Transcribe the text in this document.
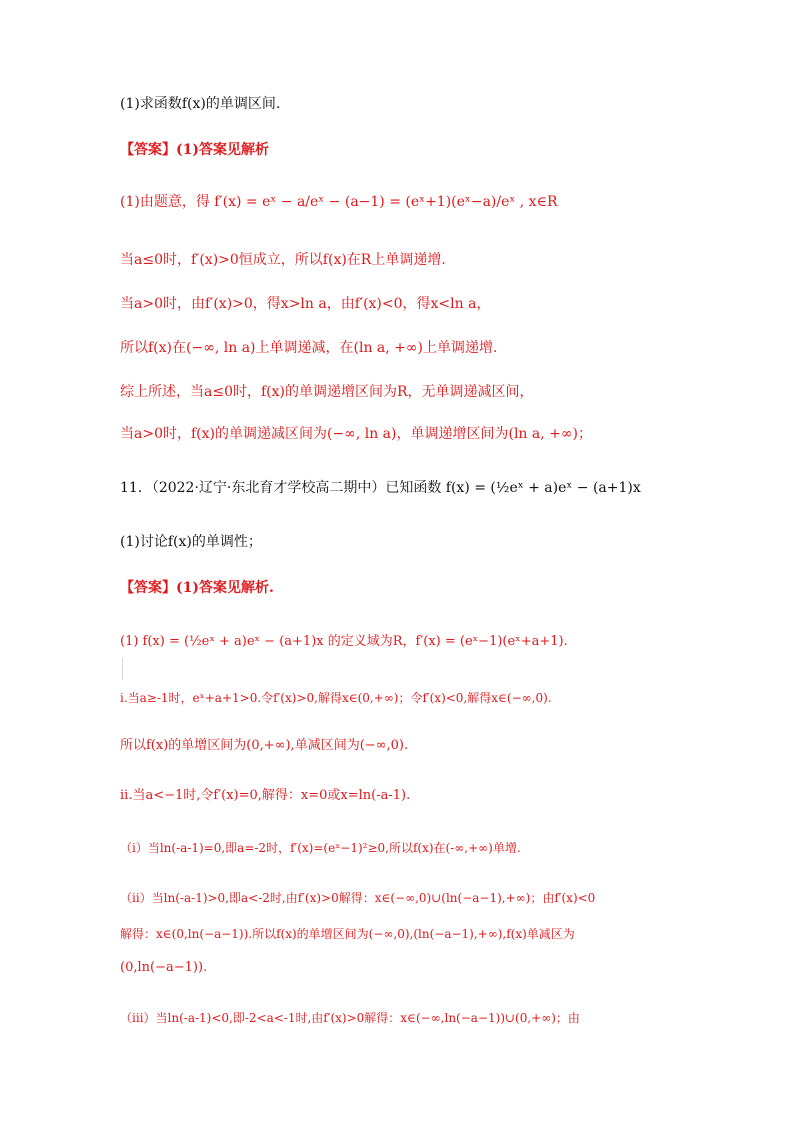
(1)求函数f(x)的单调区间.
【答案】(1)答案见解析
(1)由题意，得 f′(x) = eˣ − a/eˣ − (a−1) = (eˣ+1)(eˣ−a)/eˣ , x∈R
当a≤0时，f′(x)>0恒成立，所以f(x)在R上单调递增.
当a>0时，由f′(x)>0，得x>ln a，由f′(x)<0，得x<ln a，
所以f(x)在(−∞, ln a)上单调递减，在(ln a, +∞)上单调递增.
综上所述，当a≤0时，f(x)的单调递增区间为R，无单调递减区间，
当a>0时，f(x)的单调递减区间为(−∞, ln a)，单调递增区间为(ln a, +∞)；
11．（2022·辽宁·东北育才学校高二期中）已知函数 f(x) = (½eˣ + a)eˣ − (a+1)x
(1)讨论f(x)的单调性；
【答案】(1)答案见解析.
(1) f(x) = (½eˣ + a)eˣ − (a+1)x 的定义域为R，f′(x) = (eˣ−1)(eˣ+a+1).
i.当a≥-1时，eˣ+a+1>0.令f′(x)>0,解得x∈(0,+∞)；令f′(x)<0,解得x∈(−∞,0).
所以f(x)的单增区间为(0,+∞),单减区间为(−∞,0).
ii.当a<−1时,令f′(x)=0,解得：x=0或x=ln(-a-1).
（i）当ln(-a-1)=0,即a=-2时，f′(x)=(eˣ−1)²≥0,所以f(x)在(-∞,+∞)单增.
（ii）当ln(-a-1)>0,即a<-2时,由f′(x)>0解得：x∈(−∞,0)∪(ln(−a−1),+∞)；由f′(x)<0
解得：x∈(0,ln(−a−1)).所以f(x)的单增区间为(−∞,0),(ln(−a−1),+∞),f(x)单减区为
(0,ln(−a−1)).
（iii）当ln(-a-1)<0,即-2<a<-1时,由f′(x)>0解得：x∈(−∞,ln(−a−1))∪(0,+∞)；由
